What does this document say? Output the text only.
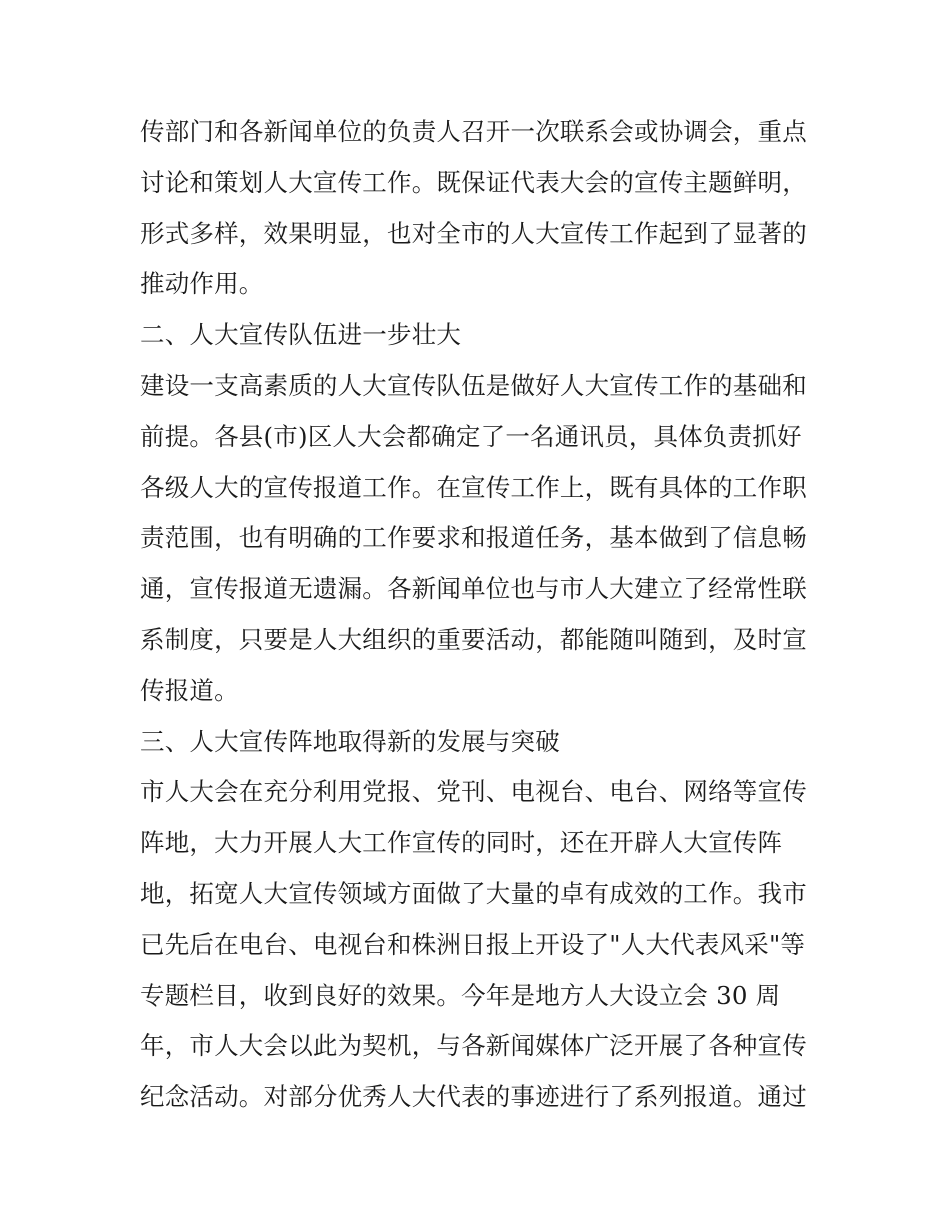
传部门和各新闻单位的负责人召开一次联系会或协调会，重点
讨论和策划人大宣传工作。既保证代表大会的宣传主题鲜明，
形式多样，效果明显，也对全市的人大宣传工作起到了显著的
推动作用。
二、人大宣传队伍进一步壮大
建设一支高素质的人大宣传队伍是做好人大宣传工作的基础和
前提。各县(市)区人大会都确定了一名通讯员，具体负责抓好
各级人大的宣传报道工作。在宣传工作上，既有具体的工作职
责范围，也有明确的工作要求和报道任务，基本做到了信息畅
通，宣传报道无遗漏。各新闻单位也与市人大建立了经常性联
系制度，只要是人大组织的重要活动，都能随叫随到，及时宣
传报道。
三、人大宣传阵地取得新的发展与突破
市人大会在充分利用党报、党刊、电视台、电台、网络等宣传
阵地，大力开展人大工作宣传的同时，还在开辟人大宣传阵
地，拓宽人大宣传领域方面做了大量的卓有成效的工作。我市
已先后在电台、电视台和株洲日报上开设了"人大代表风采"等
专题栏目，收到良好的效果。今年是地方人大设立会 30 周
年，市人大会以此为契机，与各新闻媒体广泛开展了各种宣传
纪念活动。对部分优秀人大代表的事迹进行了系列报道。通过
